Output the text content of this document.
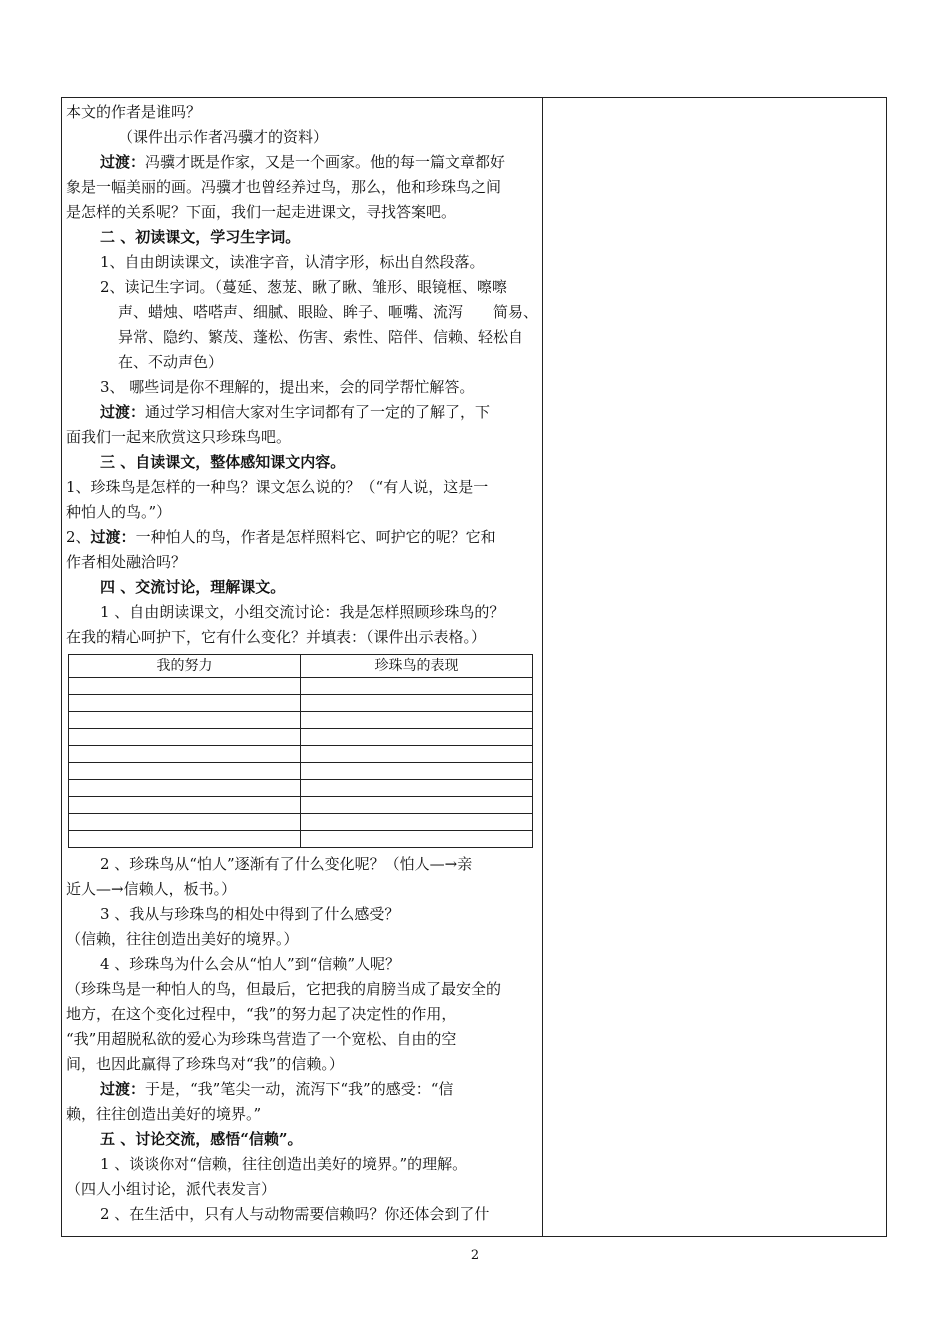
本文的作者是谁吗？

（课件出示作者冯骥才的资料）

过渡：冯骥才既是作家，又是一个画家。他的每一篇文章都好

象是一幅美丽的画。冯骥才也曾经养过鸟，那么，他和珍珠鸟之间

是怎样的关系呢？下面，我们一起走进课文，寻找答案吧。

二 、初读课文，学习生字词。

1、自由朗读课文，读准字音，认清字形，标出自然段落。

2、读记生字词。（蔓延、葱茏、瞅了瞅、雏形、眼镜框、嚓嚓

声、蜡烛、嗒嗒声、细腻、眼睑、眸子、咂嘴、流泻　　简易、

异常、隐约、繁茂、蓬松、伤害、索性、陪伴、信赖、轻松自

在、不动声色）

3、 哪些词是你不理解的，提出来，会的同学帮忙解答。

过渡：通过学习相信大家对生字词都有了一定的了解了，下

面我们一起来欣赏这只珍珠鸟吧。

三 、自读课文，整体感知课文内容。

1、珍珠鸟是怎样的一种鸟？课文怎么说的？（“有人说，这是一

种怕人的鸟。”）

2、过渡：一种怕人的鸟，作者是怎样照料它、呵护它的呢？它和

作者相处融洽吗？

四 、交流讨论，理解课文。

1 、自由朗读课文，小组交流讨论：我是怎样照顾珍珠鸟的？

在我的精心呵护下，它有什么变化？并填表：（课件出示表格。）

我的努力	珍珠鸟的表现

2 、珍珠鸟从“怕人”逐渐有了什么变化呢？（怕人—→亲

近人—→信赖人，板书。）

3 、我从与珍珠鸟的相处中得到了什么感受？

（信赖，往往创造出美好的境界。）

4 、珍珠鸟为什么会从“怕人”到“信赖”人呢？

（珍珠鸟是一种怕人的鸟，但最后，它把我的肩膀当成了最安全的

地方，在这个变化过程中，“我”的努力起了决定性的作用，

“我”用超脱私欲的爱心为珍珠鸟营造了一个宽松、自由的空

间，也因此赢得了珍珠鸟对“我”的信赖。）

过渡：于是，“我”笔尖一动，流泻下“我”的感受：“信

赖，往往创造出美好的境界。”

五 、讨论交流，感悟“信赖”。

1 、谈谈你对“信赖，往往创造出美好的境界。”的理解。

（四人小组讨论，派代表发言）

2 、在生活中，只有人与动物需要信赖吗？你还体会到了什

2
